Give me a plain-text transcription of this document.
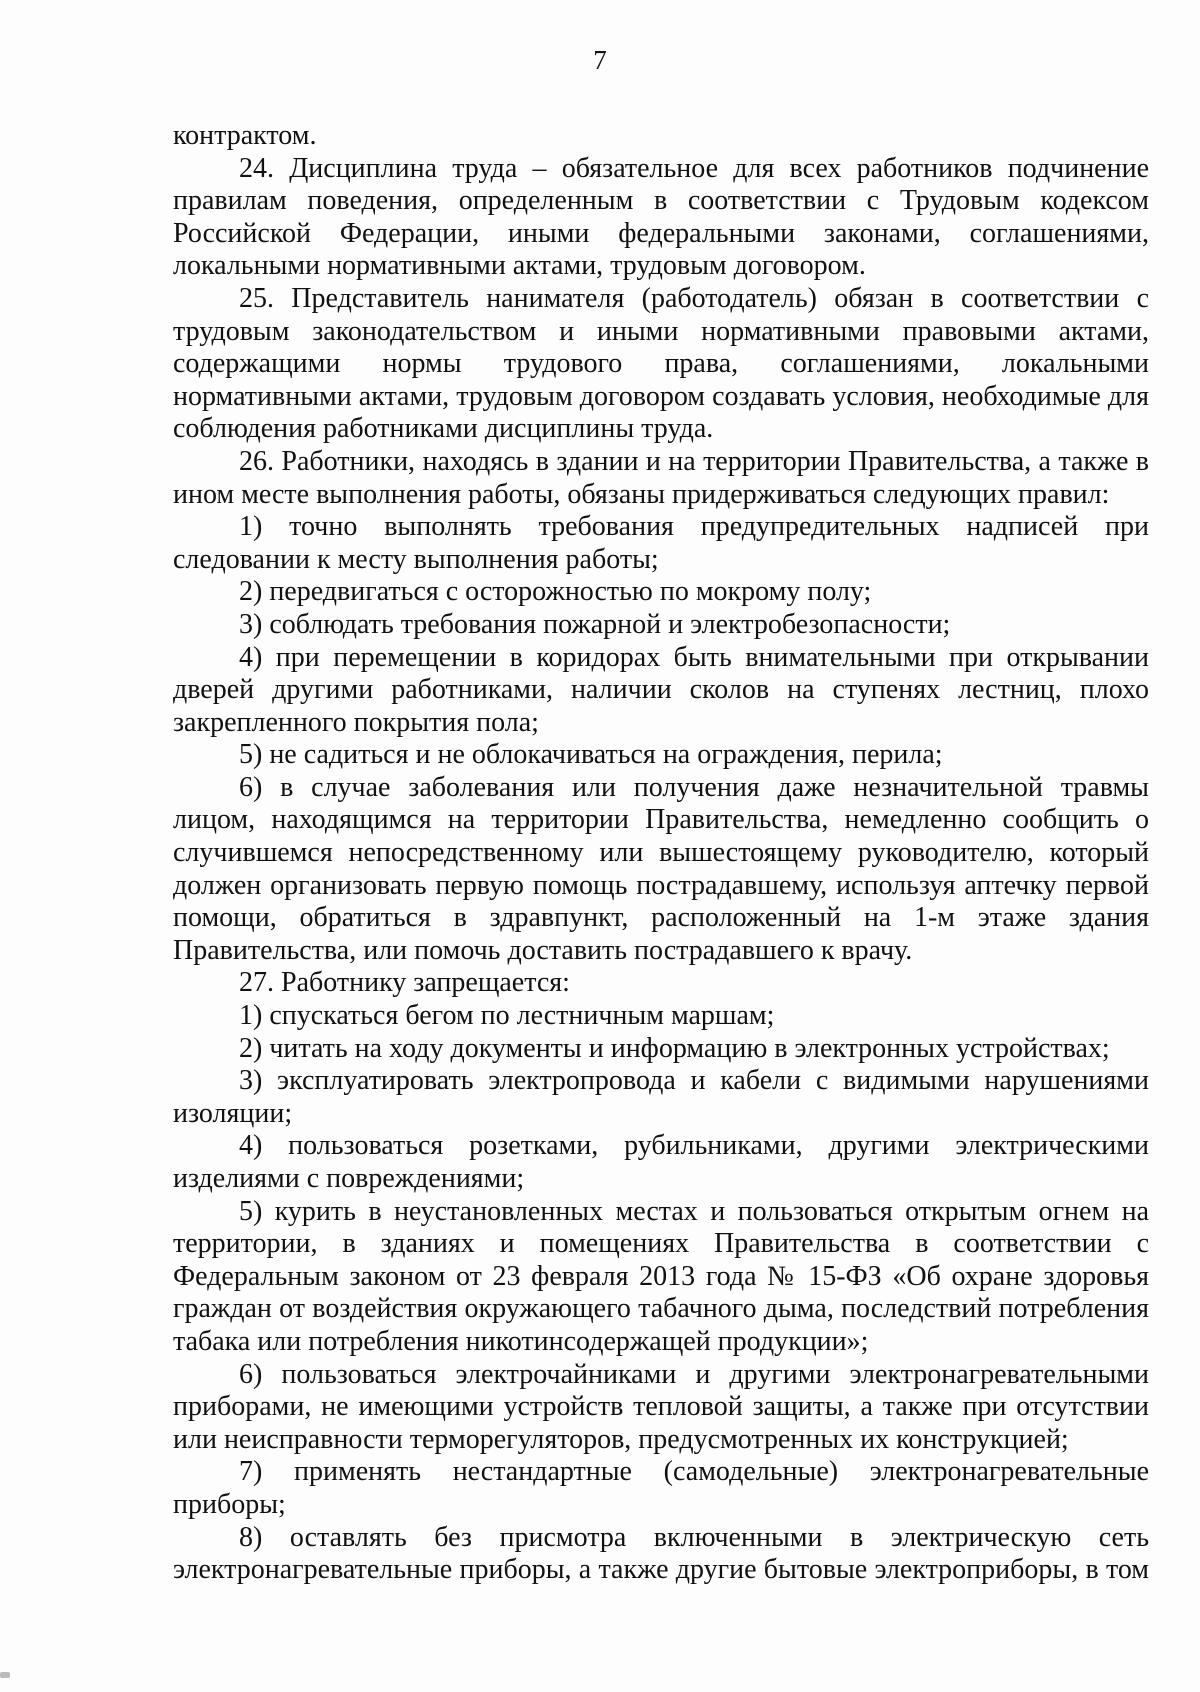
7

контрактом.

24. Дисциплина труда – обязательное для всех работников подчинение правилам поведения, определенным в соответствии с Трудовым кодексом Российской Федерации, иными федеральными законами, соглашениями, локальными нормативными актами, трудовым договором.

25. Представитель нанимателя (работодатель) обязан в соответствии с трудовым законодательством и иными нормативными правовыми актами, содержащими нормы трудового права, соглашениями, локальными нормативными актами, трудовым договором создавать условия, необходимые для соблюдения работниками дисциплины труда.

26. Работники, находясь в здании и на территории Правительства, а также в ином месте выполнения работы, обязаны придерживаться следующих правил:

1) точно выполнять требования предупредительных надписей при следовании к месту выполнения работы;

2) передвигаться с осторожностью по мокрому полу;

3) соблюдать требования пожарной и электробезопасности;

4) при перемещении в коридорах быть внимательными при открывании дверей другими работниками, наличии сколов на ступенях лестниц, плохо закрепленного покрытия пола;

5) не садиться и не облокачиваться на ограждения, перила;

6) в случае заболевания или получения даже незначительной травмы лицом, находящимся на территории Правительства, немедленно сообщить о случившемся непосредственному или вышестоящему руководителю, который должен организовать первую помощь пострадавшему, используя аптечку первой помощи, обратиться в здравпункт, расположенный на 1-м этаже здания Правительства, или помочь доставить пострадавшего к врачу.

27. Работнику запрещается:

1) спускаться бегом по лестничным маршам;

2) читать на ходу документы и информацию в электронных устройствах;

3) эксплуатировать электропровода и кабели с видимыми нарушениями изоляции;

4) пользоваться розетками, рубильниками, другими электрическими изделиями с повреждениями;

5) курить в неустановленных местах и пользоваться открытым огнем на территории, в зданиях и помещениях Правительства в соответствии с Федеральным законом от 23 февраля 2013 года № 15-ФЗ «Об охране здоровья граждан от воздействия окружающего табачного дыма, последствий потребления табака или потребления никотинсодержащей продукции»;

6) пользоваться электрочайниками и другими электронагревательными приборами, не имеющими устройств тепловой защиты, а также при отсутствии или неисправности терморегуляторов, предусмотренных их конструкцией;

7) применять нестандартные (самодельные) электронагревательные приборы;

8) оставлять без присмотра включенными в электрическую сеть электронагревательные приборы, а также другие бытовые электроприборы, в том
